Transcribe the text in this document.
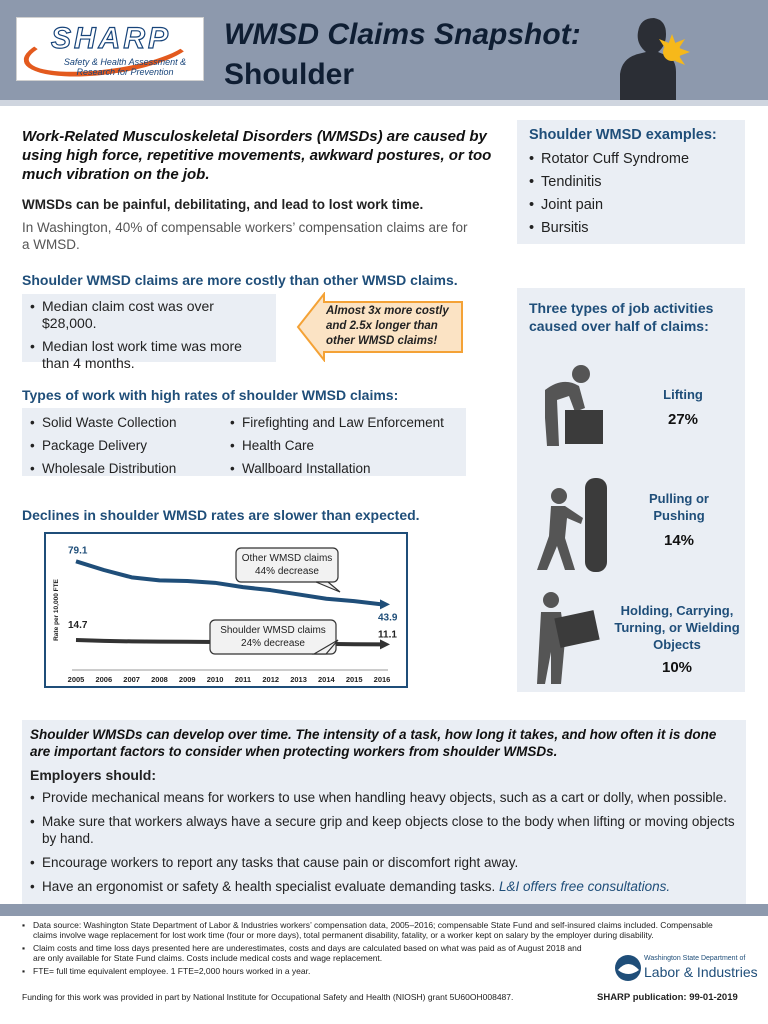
SHARP
Safety & Health Assessment & Research for Prevention
WMSD Claims Snapshot:
Shoulder
Work-Related Musculoskeletal Disorders (WMSDs) are caused by using high force, repetitive movements, awkward postures, or too much vibration on the job.
WMSDs can be painful, debilitating, and lead to lost work time.
In Washington, 40% of compensable workers’ compensation claims are for a WMSD.
Shoulder WMSD examples:
• Rotator Cuff Syndrome
• Tendinitis
• Joint pain
• Bursitis
Shoulder WMSD claims are more costly than other WMSD claims.
• Median claim cost was over $28,000.
• Median lost work time was more than 4 months.
Almost 3x more costly and 2.5x longer than other WMSD claims!
Types of work with high rates of shoulder WMSD claims:
• Solid Waste Collection
• Package Delivery
• Wholesale Distribution
• Firefighting and Law Enforcement
• Health Care
• Wallboard Installation
Declines in shoulder WMSD rates are slower than expected.
Rate per 10,000 FTE
2005 2006 2007 2008 2009 2010 2011 2012 2013 2014 2015 2016
79.1
43.9
14.7
11.1
Other WMSD claims
44% decrease
Shoulder WMSD claims
24% decrease
Three types of job activities caused over half of claims:
Lifting
27%
Pulling or Pushing
14%
Holding, Carrying, Turning, or Wielding Objects
10%
Shoulder WMSDs can develop over time. The intensity of a task, how long it takes, and how often it is done are important factors to consider when protecting workers from shoulder WMSDs.
Employers should:
• Provide mechanical means for workers to use when handling heavy objects, such as a cart or dolly, when possible.
• Make sure that workers always have a secure grip and keep objects close to the body when lifting or moving objects by hand.
• Encourage workers to report any tasks that cause pain or discomfort right away.
• Have an ergonomist or safety & health specialist evaluate demanding tasks. L&I offers free consultations.
▪ Data source: Washington State Department of Labor & Industries workers’ compensation data, 2005–2016; compensable State Fund and self-insured claims included. Compensable claims involve wage replacement for lost work time (four or more days), total permanent disability, fatality, or a worker kept on salary by the employer during disability.
▪ Claim costs and time loss days presented here are underestimates, costs and days are calculated based on what was paid as of August 2018 and are only available for State Fund claims. Costs include medical costs and wage replacement.
▪ FTE= full time equivalent employee. 1 FTE=2,000 hours worked in a year.
Washington State Department of
Labor & Industries
Funding for this work was provided in part by National Institute for Occupational Safety and Health (NIOSH) grant 5U60OH008487.	SHARP publication: 99-01-2019
